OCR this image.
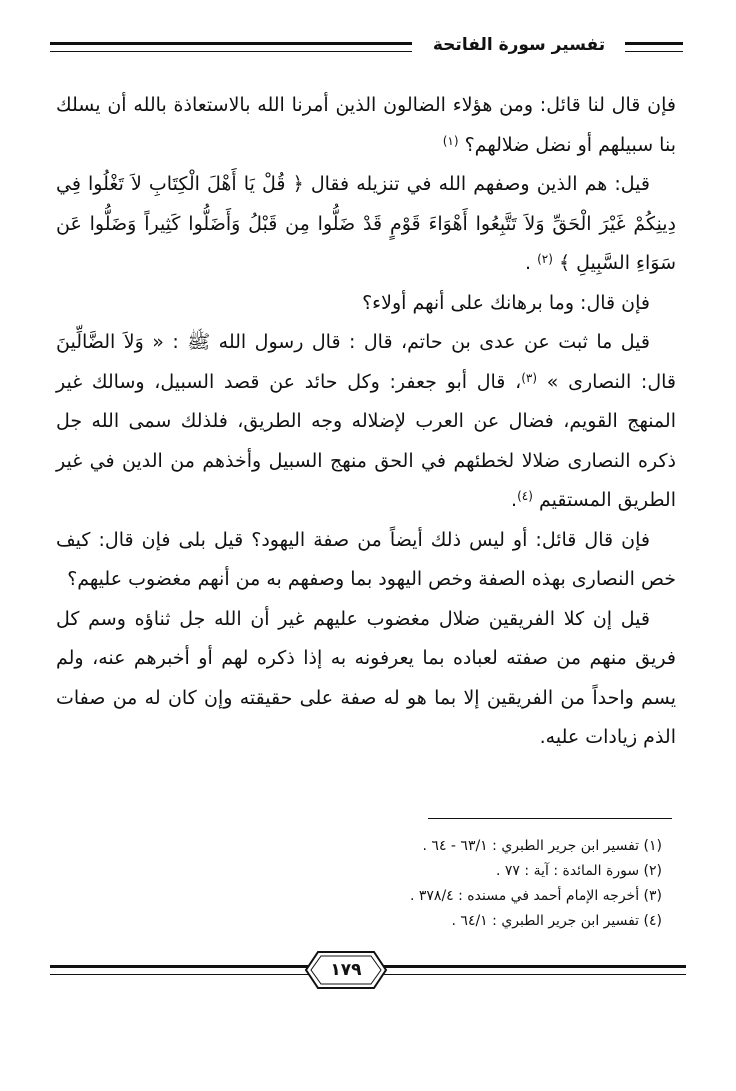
تفسير سورة الفاتحة

فإن قال لنا قائل: ومن هؤلاء الضالون الذين أمرنا الله بالاستعاذة بالله أن يسلك بنا سبيلهم أو نضل ضلالهم؟ $^{(١)}$

قيل: هم الذين وصفهم الله في تنزيله فقال ﴿ قُلْ يَا أَهْلَ الْكِتَابِ لاَ تَغْلُوا فِي دِينِكُمْ غَيْرَ الْحَقِّ وَلاَ تَتَّبِعُوا أَهْوَاءَ قَوْمٍ قَدْ ضَلُّوا مِن قَبْلُ وَأَضَلُّوا كَثِيراً وَضَلُّوا عَن سَوَاءِ السَّبِيلِ ﴾ $^{(٢)}$ .

فإن قال: وما برهانك على أنهم أولاء؟

قيل ما ثبت عن عدى بن حاتم، قال : قال رسول الله ﷺ : « وَلاَ الضَّالِّينَ قال: النصارى » $^{(٣)}$، قال أبو جعفر: وكل حائد عن قصد السبيل، وسالك غير المنهج القويم، فضال عن العرب لإضلاله وجه الطريق، فلذلك سمى الله جل ذكره النصارى ضلالا لخطئهم في الحق منهج السبيل وأخذهم من الدين في غير الطريق المستقيم $^{(٤)}$.

فإن قال قائل: أو ليس ذلك أيضاً من صفة اليهود؟ قيل بلى فإن قال: كيف خص النصارى بهذه الصفة وخص اليهود بما وصفهم به من أنهم مغضوب عليهم؟

قيل إن كلا الفريقين ضلال مغضوب عليهم غير أن الله جل ثناؤه وسم كل فريق منهم من صفته لعباده بما يعرفونه به إذا ذكره لهم أو أخبرهم عنه، ولم يسم واحداً من الفريقين إلا بما هو له صفة على حقيقته وإن كان له من صفات الذم زيادات عليه.

(١) تفسير ابن جرير الطبري : ٦٣/١ - ٦٤ .

(٢) سورة المائدة : آية : ٧٧ .

(٣) أخرجه الإمام أحمد في مسنده : ٣٧٨/٤ .

(٤) تفسير ابن جرير الطبري : ٦٤/١ .

١٧٩
